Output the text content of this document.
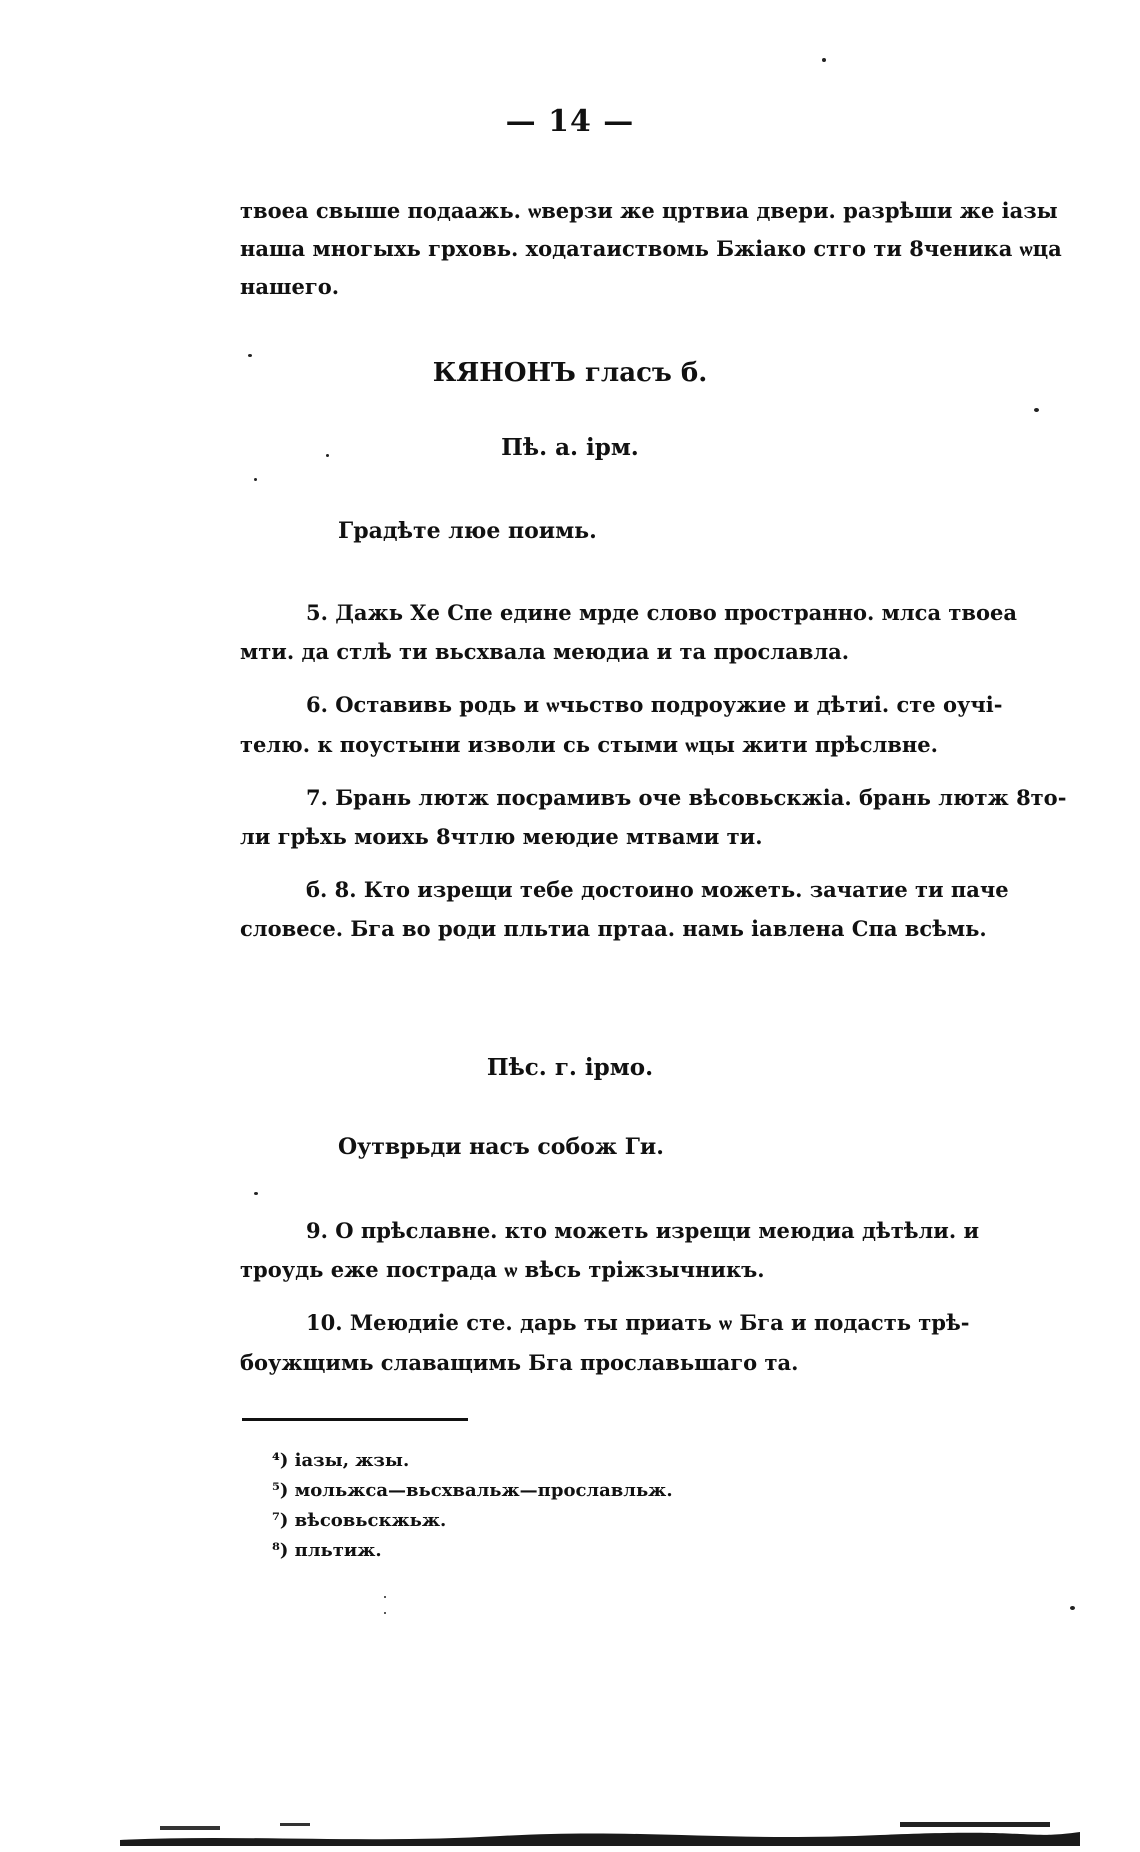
— 14 —

твоеа свыше подаажь. ѡверзи же цртвиа двери. разрѣши же iазы

наша многыхь грховь. ходатаиствомь Бжiако стго ти 8ченика ѡца

нашего.

КЯНОНЪ гласъ б.
Пѣ. а. iрм.
Градѣте люе поимь.

5. Дажь Хе Спе едине мрде слово пространно. млса твоеа

мти. да стлѣ ти вьсхвала меюдиа и тa прославлa.

6. Оставивь родь и ѡчьство подроужие и дѣтиi. сте оучi-

телю. к поустыни изволи сь стыми ѡцы жити прѣслвне.

7. Брань лютж посрамивъ оче вѣсовьскжiа. брань лютж 8то-

ли грѣхь моихь 8чтлю меюдие мтвами ти.

б. 8. Кто изрещи тебе достоино можеть. зачатие ти паче

словесе. Бга во роди пльтиа пртаа. намь iавлена Спа всѣмь.

Пѣс. г. iрмо.
Оутврьди насъ собож Ги.

9. О прѣславне. кто можеть изрещи меюдиа дѣтѣли. и

троудь еже пострада ѡ вѣсь трiжзычникъ.

10. Меюдиiе сте. дарь ты приать ѡ Бга и подасть трѣ-

боужщимь славащимь Бга прославьшаго тa.

⁴) iазы, жзы.
⁵) мольжса—вьсхвальж—прославльж.
⁷) вѣсовьскжьж.
⁸) пльтиж.
